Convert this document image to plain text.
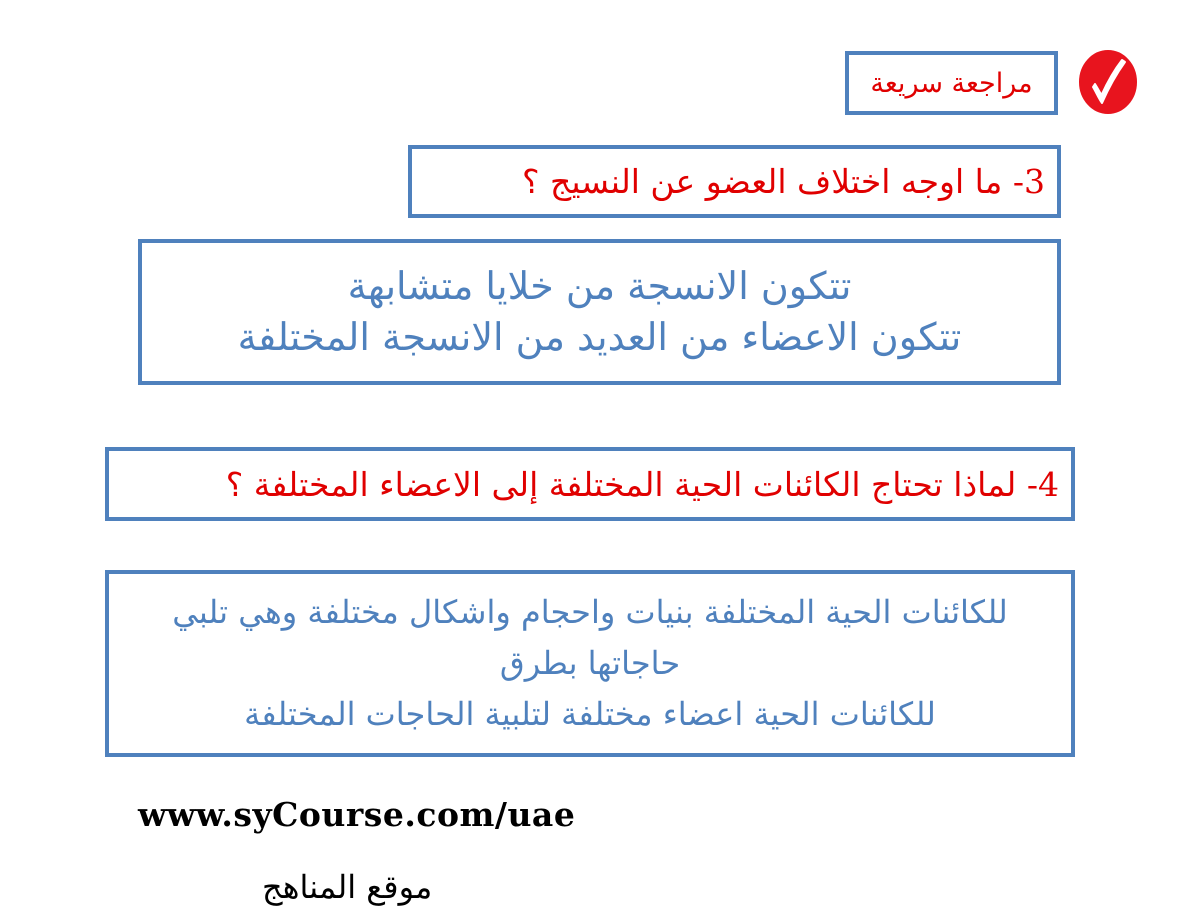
مراجعة سريعة
3- ما اوجه اختلاف العضو عن النسيج ؟
تتكون الانسجة من خلايا متشابهة
تتكون الاعضاء من العديد من الانسجة المختلفة
4- لماذا تحتاج الكائنات الحية المختلفة إلى الاعضاء المختلفة ؟
للكائنات الحية المختلفة بنيات واحجام واشكال مختلفة وهي تلبي
حاجاتها بطرق
للكائنات الحية اعضاء مختلفة لتلبية الحاجات المختلفة
www.syCourse.com/uae
موقع المناهج
